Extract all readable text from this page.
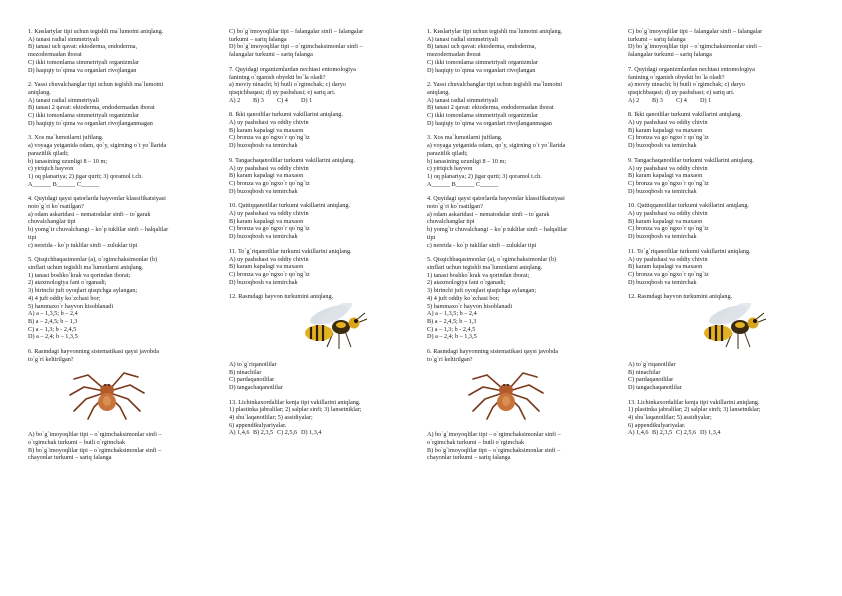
1. Kиslariylar tipi uchun tegishli ma`lumotni aniqlang.
A) tanasi radial simmetriyali
B) tanasi uch qavat: ektoderma, endoderma,
mezodermadan iborat
C) ikki tomonlama simmetriyali organizmlar
D) haqiqiy to`qima va organlari rivojlangan
2. Yassi chuvalchanglar tipi uchun tegishli ma`lumotni
aniqlang.
A) tanasi radial simmetriyali
B) tanasi 2 qavat: ektoderma, endodermadan iborat
C) ikki tomonlama simmetriyali organizmlar
D) haqiqiy to`qima va organlari rivojlanganmagan
3. Xos ma`lumotlarni juftlang.
a) voyaga yetganida odam, qo`y, sigirning o`t yo`llarida
parazitlik qiladi;
b) tanasining uzunligi 8 – 10 m;
c) yirtqich hayvon
1) oq planariya; 2) jigar qurti; 3) qoramol t.ch.
A______ B______ C______
4. Quyidagi qaysi qatorlarda hayvonlar klassifikatsiyasi
noto`g`ri ko`rsatilgan?
a) odam askaridasi – nematodalar sinfi – to`garak
chuvalchanglar tipi
b) yomg`ir chuvalchangi – ko`p tuklilar sinfi – halqalilar
tipi
c) nereida - ko`p tuklilar sinfi – zuluklar tipi
5. Qisqichbaqasimonlar (a), o`rgimchaksimonlar (b)
sinflari uchun tegishli ma`lumotlarni aniqlang.
1) tanasi boshko`krak va qorindan iborat;
2) ataxmologiya fani o`rganadi;
3) birinchi juft oyoqlari qisqichga aylangan;
4) 4 juft oddiy ko`zchasi bor;
5) hammaxo`r hayvon hisoblanadi
A) a – 1,3,5; b – 2,4
B) a – 2,4,5; b – 1,3
C) a – 1,3; b - 2,4,5
D) a – 2,4; b – 1,3,5
6. Rasmdagi hayvonning sistematikasi qaysi javobda
to`g`ri keltirilgan?
A) bo`g`imoyoqlilar tipi – o`rgimchaksimonlar sinfi –
o`rgimchak turkumi – butli o`rgimchak
B) bo`g`imoyoqlilar tipi – o`rgimchaksimonlar sinfi –
chayonlar turkumi – sariq falanga
C) bo`g`imoyoqlilar tipi – falangalar sinfi – falangalar
turkumi – sariq falanga
D) bo`g`imoyoqlilar tipi – o`rgimchaksimonlar sinfi –
falangalar turkumi – sariq falanga
7. Quyidagi organizmlardan nechtasi entomologiya
fanining o`rganish obyekti bo`la oladi?
a) moviy ninachi; b) butli o`rgimchak; c) daryo
qisqichbaqasi; d) uy pashshasi; e) sariq ari.
A) 2	B) 3	C) 4	D) 1
8. Ikki qanotlilar turkumi vakillarini aniqlang.
A) uy pashshasi va oddiy chivin
B) karam kapalagi va maxaon
C) bronza va go`ngxo`r qo`ng`iz
D) buzoqbosh va temirchak
9. Tangachaqanotlilar turkumi vakillarini aniqlang.
A) uy pashshasi va oddiy chivin
B) karam kapalagi va maxaon
C) bronza va go`ngxo`r qo`ng`iz
D) buzoqbosh va temirchak
10. Qattiqqanotlilar turkumi vakillarini aniqlang.
A) uy pashshasi va oddiy chivin
B) karam kapalagi va maxaon
C) bronza va go`ngxo`r qo`ng`iz
D) buzoqbosh va temirchak
11. To`g`riqanotlilar turkumi vakillarini aniqlang.
A) uy pashshasi va oddiy chivin
B) karam kapalagi va maxaon
C) bronza va go`ngxo`r qo`ng`iz
D) buzoqbosh va temirchak
12. Rasmdagi hayvon turkumini aniqlang.
A) to`g`riqanotlilar
B) ninachilar
C) pardaqanotlilar
D) tangachaqanotlilar
13. Lichinkaxordalilar kenja tipi vakillarini aniqlang.
1) plastinka jabralilar; 2) salplar sinfi; 3) lansetniklar;
4) shu`laqanotlilar; 5) assidiyalar;
6) appendikulyariyalar.
A) 1,4,6 B) 2,3,5 C) 2,5,6 D) 1,3,4
1. Kиslariylar tipi uchun tegishli ma`lumotni aniqlang.
A) tanasi radial simmetriyali
B) tanasi uch qavat: ektoderma, endoderma,
mezodermadan iborat
C) ikki tomonlama simmetriyali organizmlar
D) haqiqiy to`qima va organlari rivojlangan
2. Yassi chuvalchanglar tipi uchun tegishli ma`lumotni
aniqlang.
A) tanasi radial simmetriyali
B) tanasi 2 qavat: ektoderma, endodermadan iborat
C) ikki tomonlama simmetriyali organizmlar
D) haqiqiy to`qima va organlari rivojlanganmagan
3. Xos ma`lumotlarni juftlang.
a) voyaga yetganida odam, qo`y, sigirning o`t yo`llarida
parazitlik qiladi;
b) tanasining uzunligi 8 – 10 m;
c) yirtqich hayvon
1) oq planariya; 2) jigar qurti; 3) qoramol t.ch.
A______ B______ C______
4. Quyidagi qaysi qatorlarda hayvonlar klassifikatsiyasi
noto`g`ri ko`rsatilgan?
a) odam askaridasi – nematodalar sinfi – to`garak
chuvalchanglar tipi
b) yomg`ir chuvalchangi – ko`p tuklilar sinfi – halqalilar
tipi
c) nereida - ko`p tuklilar sinfi – zuluklar tipi
5. Qisqichbaqasimonlar (a), o`rgimchaksimonlar (b)
sinflari uchun tegishli ma`lumotlarni aniqlang.
1) tanasi boshko`krak va qorindan iborat;
2) ataxmologiya fani o`rganadi;
3) birinchi juft oyoqlari qisqichga aylangan;
4) 4 juft oddiy ko`zchasi bor;
5) hammaxo`r hayvon hisoblanadi
A) a – 1,3,5; b – 2,4
B) a – 2,4,5; b – 1,3
C) a – 1,3; b - 2,4,5
D) a – 2,4; b – 1,3,5
6. Rasmdagi hayvonning sistematikasi qaysi javobda
to`g`ri keltirilgan?
A) bo`g`imoyoqlilar tipi – o`rgimchaksimonlar sinfi –
o`rgimchak turkumi – butli o`rgimchak
B) bo`g`imoyoqlilar tipi – o`rgimchaksimonlar sinfi –
chayonlar turkumi – sariq falanga
C) bo`g`imoyoqlilar tipi – falangalar sinfi – falangalar
turkumi – sariq falanga
D) bo`g`imoyoqlilar tipi – o`rgimchaksimonlar sinfi –
falangalar turkumi – sariq falanga
7. Quyidagi organizmlardan nechtasi entomologiya
fanining o`rganish obyekti bo`la oladi?
a) moviy ninachi; b) butli o`rgimchak; c) daryo
qisqichbaqasi; d) uy pashshasi; e) sariq ari.
A) 2	B) 3	C) 4	D) 1
8. Ikki qanotlilar turkumi vakillarini aniqlang.
A) uy pashshasi va oddiy chivin
B) karam kapalagi va maxaon
C) bronza va go`ngxo`r qo`ng`iz
D) buzoqbosh va temirchak
9. Tangachaqanotlilar turkumi vakillarini aniqlang.
A) uy pashshasi va oddiy chivin
B) karam kapalagi va maxaon
C) bronza va go`ngxo`r qo`ng`iz
D) buzoqbosh va temirchak
10. Qattiqqanotlilar turkumi vakillarini aniqlang.
A) uy pashshasi va oddiy chivin
B) karam kapalagi va maxaon
C) bronza va go`ngxo`r qo`ng`iz
D) buzoqbosh va temirchak
11. To`g`riqanotlilar turkumi vakillarini aniqlang.
A) uy pashshasi va oddiy chivin
B) karam kapalagi va maxaon
C) bronza va go`ngxo`r qo`ng`iz
D) buzoqbosh va temirchak
12. Rasmdagi hayvon turkumini aniqlang.
A) to`g`riqanotlilar
B) ninachilar
C) pardaqanotlilar
D) tangachaqanotlilar
13. Lichinkaxordalilar kenja tipi vakillarini aniqlang.
1) plastinka jabralilar; 2) salplar sinfi; 3) lansetniklar;
4) shu`laqanotlilar; 5) assidiyalar;
6) appendikulyariyalar.
A) 1,4,6 B) 2,3,5 C) 2,5,6 D) 1,3,4
